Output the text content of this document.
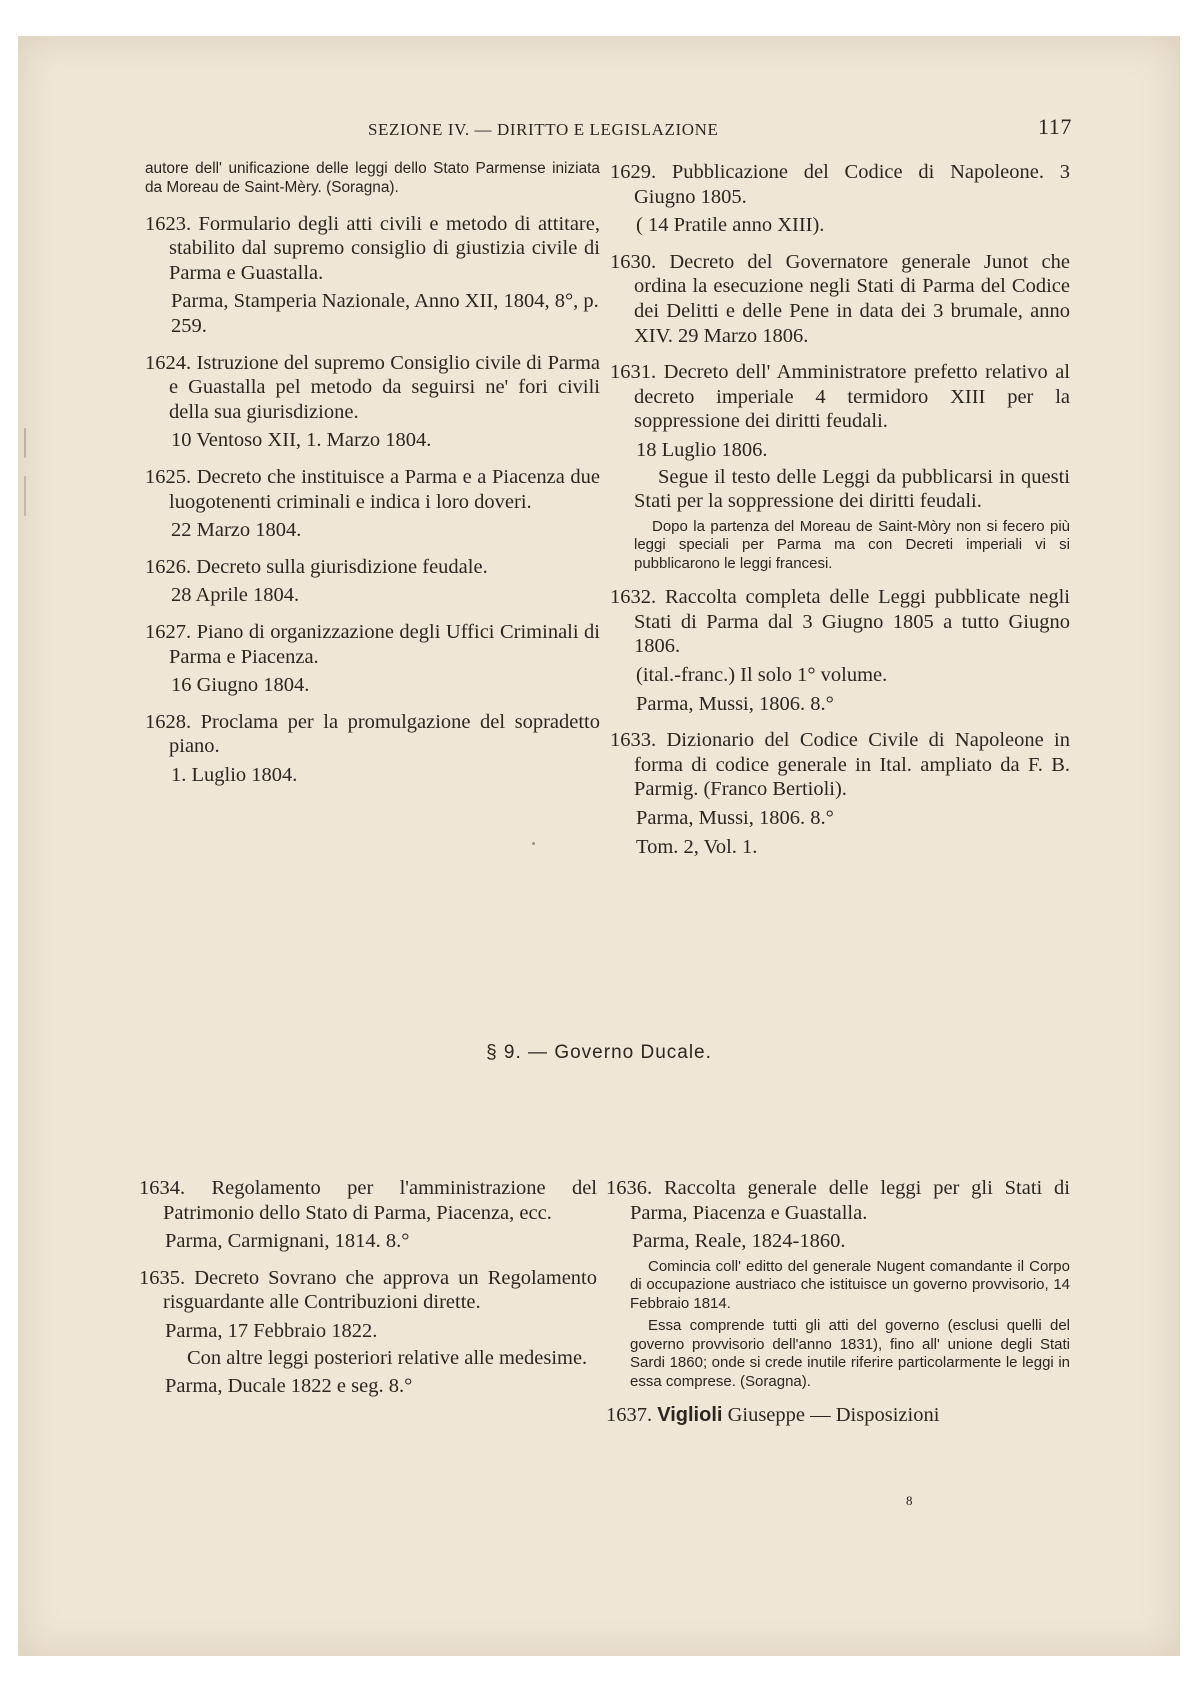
SEZIONE IV. — DIRITTO E LEGISLAZIONE	117

autore dell' unificazione delle leggi dello Stato Parmense iniziata da Moreau de Saint-Mèry. (Soragna).

1623. Formulario degli atti civili e metodo di attitare, stabilito dal supremo consiglio di giustizia civile di Parma e Guastalla.

Parma, Stamperia Nazionale, Anno XII, 1804, 8°, p. 259.

1624. Istruzione del supremo Consiglio civile di Parma e Guastalla pel metodo da seguirsi ne' fori civili della sua giurisdizione.

10 Ventoso XII, 1. Marzo 1804.

1625. Decreto che instituisce a Parma e a Piacenza due luogotenenti criminali e indica i loro doveri.

22 Marzo 1804.

1626. Decreto sulla giurisdizione feudale.

28 Aprile 1804.

1627. Piano di organizzazione degli Uffici Criminali di Parma e Piacenza.

16 Giugno 1804.

1628. Proclama per la promulgazione del sopradetto piano.

1. Luglio 1804.

1629. Pubblicazione del Codice di Napoleone. 3 Giugno 1805.

( 14 Pratile anno XIII).

1630. Decreto del Governatore generale Junot che ordina la esecuzione negli Stati di Parma del Codice dei Delitti e delle Pene in data dei 3 brumale, anno XIV. 29 Marzo 1806.

1631. Decreto dell' Amministratore prefetto relativo al decreto imperiale 4 termidoro XIII per la soppressione dei diritti feudali.

18 Luglio 1806.

Segue il testo delle Leggi da pubblicarsi in questi Stati per la soppressione dei diritti feudali.

Dopo la partenza del Moreau de Saint-Mòry non si fecero più leggi speciali per Parma ma con Decreti imperiali vi si pubblicarono le leggi francesi.

1632. Raccolta completa delle Leggi pubblicate negli Stati di Parma dal 3 Giugno 1805 a tutto Giugno 1806.

(ital.-franc.) Il solo 1° volume.

Parma, Mussi, 1806. 8.°

1633. Dizionario del Codice Civile di Napoleone in forma di codice generale in Ital. ampliato da F. B. Parmig. (Franco Bertioli).

Parma, Mussi, 1806. 8.°

Tom. 2, Vol. 1.

§ 9. — Governo Ducale.

1634. Regolamento per l'amministrazione del Patrimonio dello Stato di Parma, Piacenza, ecc.

Parma, Carmignani, 1814. 8.°

1635. Decreto Sovrano che approva un Regolamento risguardante alle Contribuzioni dirette.

Parma, 17 Febbraio 1822.

Con altre leggi posteriori relative alle medesime.

Parma, Ducale 1822 e seg. 8.°

1636. Raccolta generale delle leggi per gli Stati di Parma, Piacenza e Guastalla.

Parma, Reale, 1824-1860.

Comincia coll' editto del generale Nugent comandante il Corpo di occupazione austriaco che istituisce un governo provvisorio, 14 Febbraio 1814.

Essa comprende tutti gli atti del governo (esclusi quelli del governo provvisorio dell'anno 1831), fino all' unione degli Stati Sardi 1860; onde si crede inutile riferire particolarmente le leggi in essa comprese. (Soragna).

1637. Viglioli Giuseppe — Disposizioni

8
